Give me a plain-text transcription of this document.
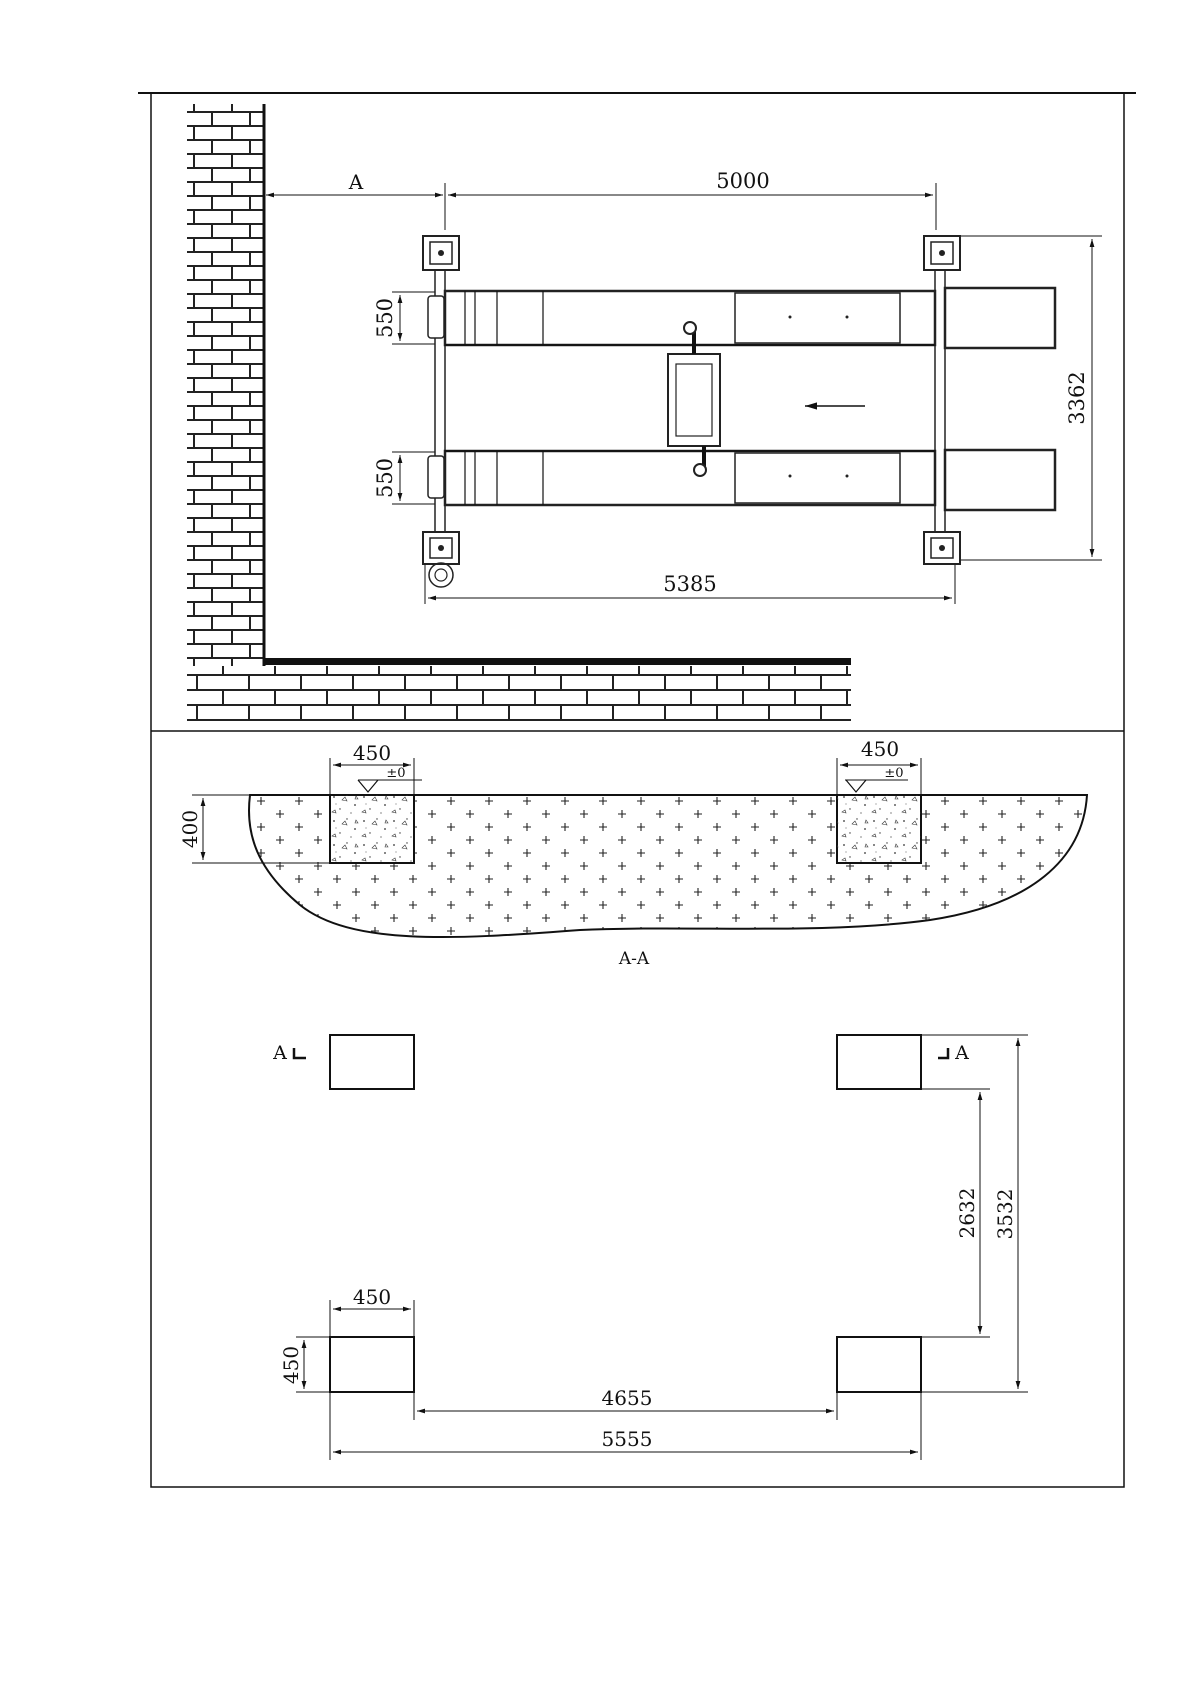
A	5000
3362
550
550
5385
450
±0
450
±0
400
A-A
A	A
2632 3532
450
450
4655
5555
